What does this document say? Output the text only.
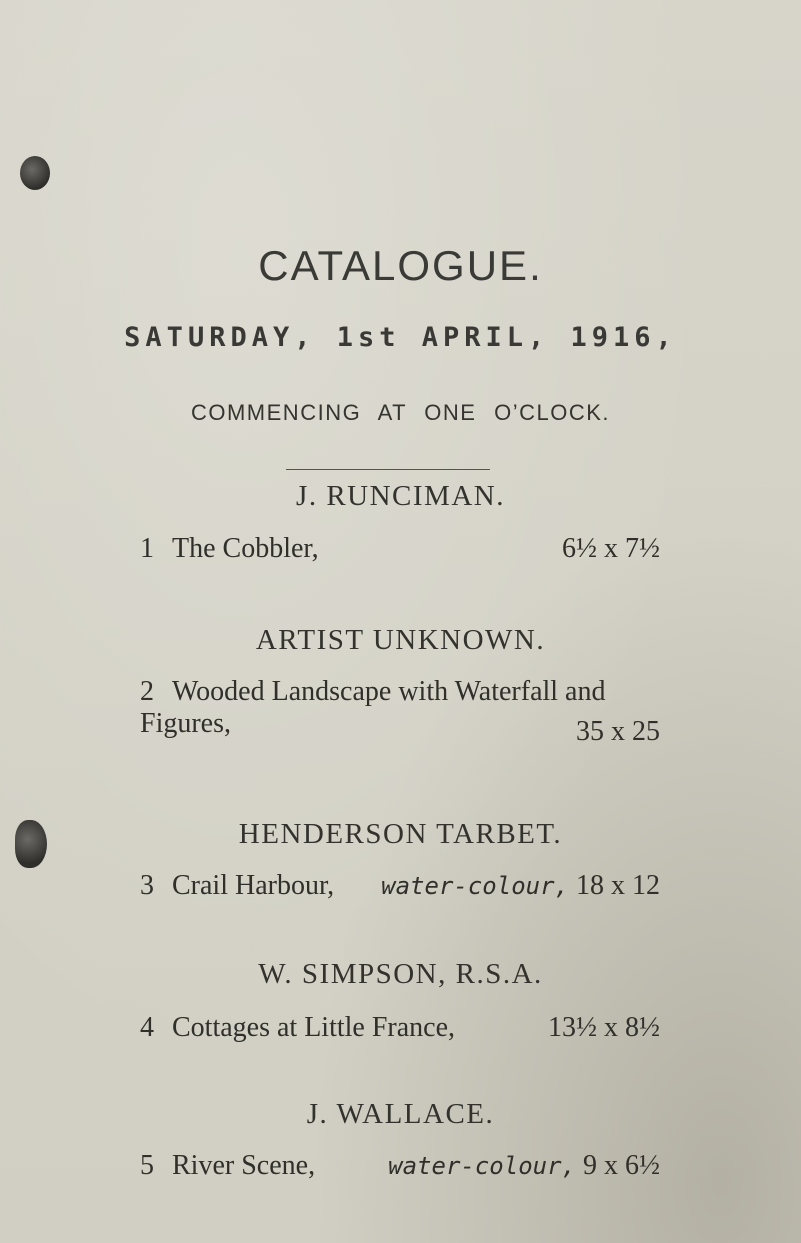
CATALOGUE.
SATURDAY, 1st APRIL, 1916,
COMMENCING AT ONE O’CLOCK.
J. RUNCIMAN.
1 The Cobbler,	6½ x 7½
ARTIST UNKNOWN.
2 Wooded Landscape with Waterfall and Figures,	35 x 25
HENDERSON TARBET.
3 Crail Harbour, water-colour, 18 x 12
W. SIMPSON, R.S.A.
4 Cottages at Little France,	13½ x 8½
J. WALLACE.
5 River Scene,	water-colour, 9 x 6½
